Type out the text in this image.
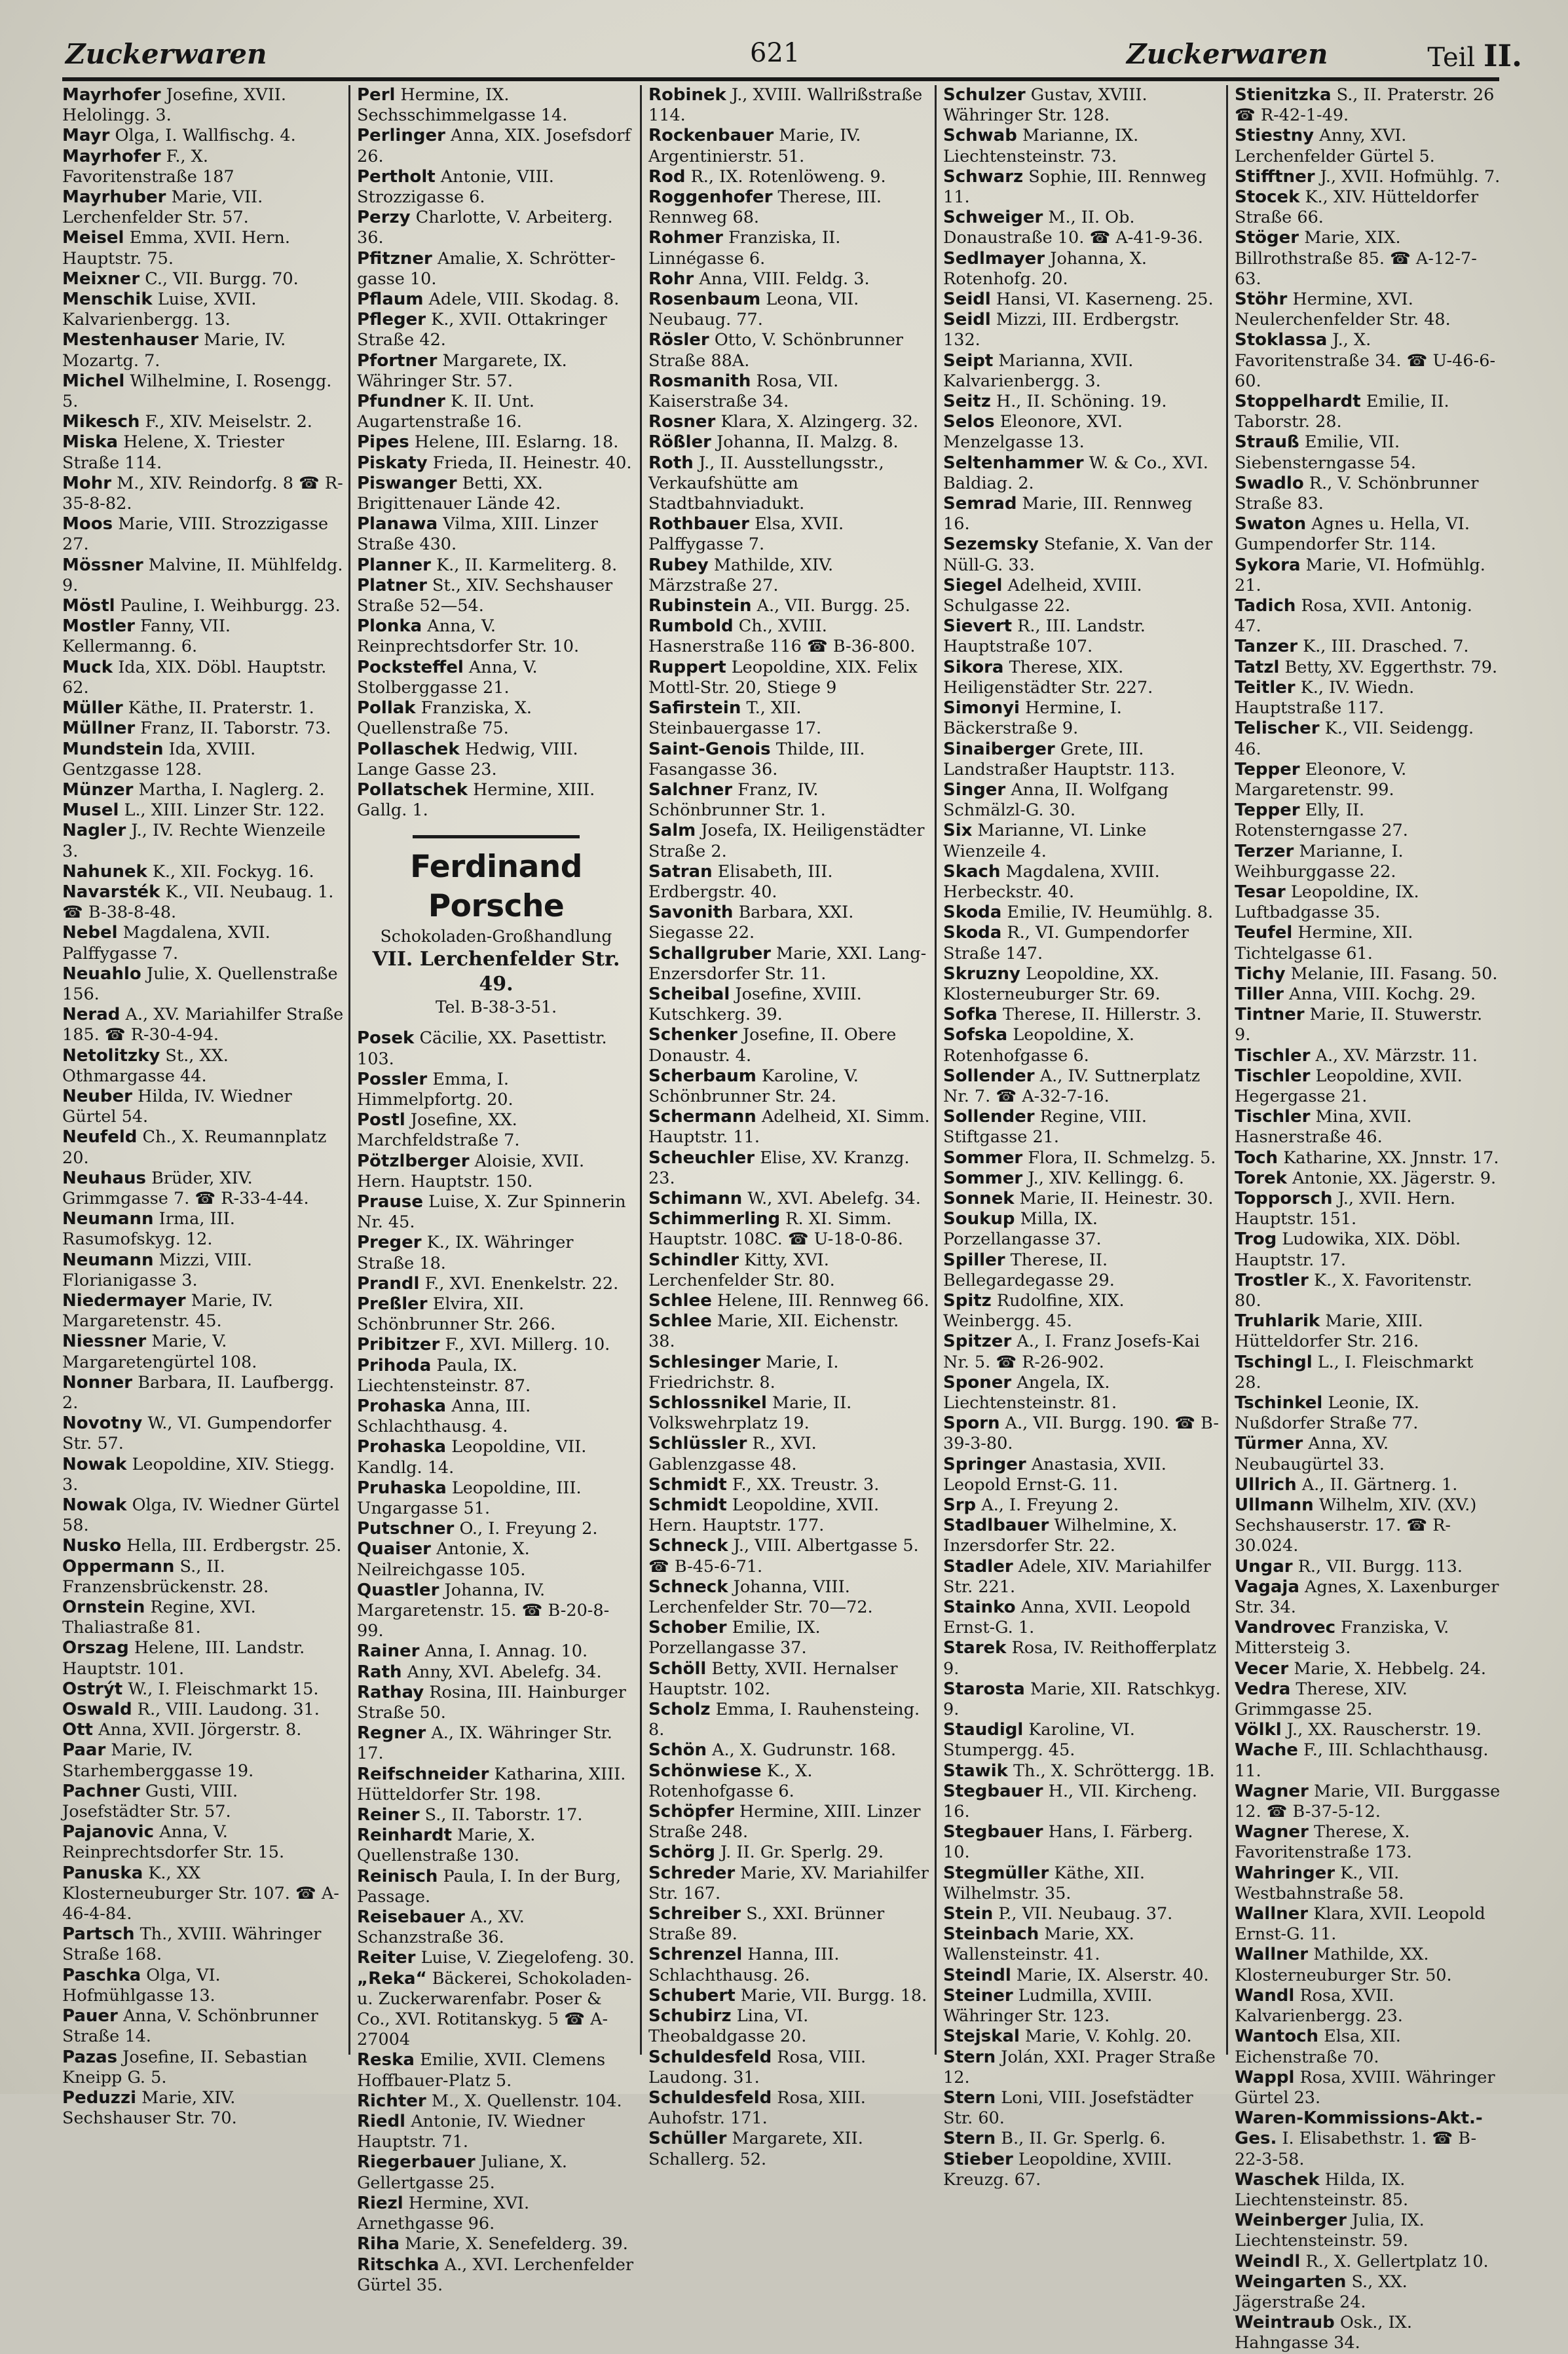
Zuckerwaren	621	Zuckerwaren	Teil II.
Mayrhofer Josefine, XVII. Helolingg. 3.
Mayr Olga, I. Wallfischg. 4.
Mayrhofer F., X. Favoritenstraße 187
Mayrhuber Marie, VII. Lerchenfelder Str. 57.
Meisel Emma, XVII. Hern. Hauptstr. 75.
Meixner C., VII. Burgg. 70.
Menschik Luise, XVII. Kalvarienbergg. 13.
Mestenhauser Marie, IV. Mozartg. 7.
Michel Wilhelmine, I. Rosengg. 5.
Mikesch F., XIV. Meiselstr. 2.
Miska Helene, X. Triester Straße 114.
Mohr M., XIV. Reindorfg. 8 ☎ R-35-8-82.
Moos Marie, VIII. Strozzigasse 27.
Mössner Malvine, II. Mühlfeldg. 9.
Möstl Pauline, I. Weihburgg. 23.
Mostler Fanny, VII. Kellermanng. 6.
Muck Ida, XIX. Döbl. Hauptstr. 62.
Müller Käthe, II. Praterstr. 1.
Müllner Franz, II. Taborstr. 73.
Mundstein Ida, XVIII. Gentzgasse 128.
Münzer Martha, I. Naglerg. 2.
Musel L., XIII. Linzer Str. 122.
Nagler J., IV. Rechte Wienzeile 3.
Nahunek K., XII. Fockyg. 16.
Navarsték K., VII. Neubaug. 1. ☎ B-38-8-48.
Nebel Magdalena, XVII. Palffygasse 7.
Neuahlo Julie, X. Quellenstraße 156.
Nerad A., XV. Mariahilfer Straße 185. ☎ R-30-4-94.
Netolitzky St., XX. Othmargasse 44.
Neuber Hilda, IV. Wiedner Gürtel 54.
Neufeld Ch., X. Reumannplatz 20.
Neuhaus Brüder, XIV. Grimmgasse 7. ☎ R-33-4-44.
Neumann Irma, III. Rasumofskyg. 12.
Neumann Mizzi, VIII. Florianigasse 3.
Niedermayer Marie, IV. Margaretenstr. 45.
Niessner Marie, V. Margaretengürtel 108.
Nonner Barbara, II. Laufbergg. 2.
Novotny W., VI. Gumpendorfer Str. 57.
Nowak Leopoldine, XIV. Stiegg. 3.
Nowak Olga, IV. Wiedner Gürtel 58.
Nusko Hella, III. Erdbergstr. 25.
Oppermann S., II. Franzensbrückenstr. 28.
Ornstein Regine, XVI. Thaliastraße 81.
Orszag Helene, III. Landstr. Hauptstr. 101.
Ostrýt W., I. Fleischmarkt 15.
Oswald R., VIII. Laudong. 31.
Ott Anna, XVII. Jörgerstr. 8.
Paar Marie, IV. Starhemberggasse 19.
Pachner Gusti, VIII. Josefstädter Str. 57.
Pajanovic Anna, V. Reinprechtsdorfer Str. 15.
Panuska K., XX Klosterneuburger Str. 107. ☎ A-46-4-84.
Partsch Th., XVIII. Währinger Straße 168.
Paschka Olga, VI. Hofmühlgasse 13.
Pauer Anna, V. Schönbrunner Straße 14.
Pazas Josefine, II. Sebastian Kneipp G. 5.
Peduzzi Marie, XIV. Sechshauser Str. 70.
Perl Hermine, IX. Sechsschimmelgasse 14.
Perlinger Anna, XIX. Josefsdorf 26.
Pertholt Antonie, VIII. Strozzigasse 6.
Perzy Charlotte, V. Arbeiterg. 36.
Pfitzner Amalie, X. Schrötter-gasse 10.
Pflaum Adele, VIII. Skodag. 8.
Pfleger K., XVII. Ottakringer Straße 42.
Pfortner Margarete, IX. Währinger Str. 57.
Pfundner K. II. Unt. Augartenstraße 16.
Pipes Helene, III. Eslarng. 18.
Piskaty Frieda, II. Heinestr. 40.
Piswanger Betti, XX. Brigittenauer Lände 42.
Planawa Vilma, XIII. Linzer Straße 430.
Planner K., II. Karmeliterg. 8.
Platner St., XIV. Sechshauser Straße 52—54.
Plonka Anna, V. Reinprechtsdorfer Str. 10.
Pocksteffel Anna, V. Stolberggasse 21.
Pollak Franziska, X. Quellenstraße 75.
Pollaschek Hedwig, VIII. Lange Gasse 23.
Pollatschek Hermine, XIII. Gallg. 1.
Ferdinand Porsche
Schokoladen-Großhandlung
VII. Lerchenfelder Str. 49.
Tel. B-38-3-51.
Posek Cäcilie, XX. Pasettistr. 103.
Possler Emma, I. Himmelpfortg. 20.
Postl Josefine, XX. Marchfeldstraße 7.
Pötzlberger Aloisie, XVII. Hern. Hauptstr. 150.
Prause Luise, X. Zur Spinnerin Nr. 45.
Preger K., IX. Währinger Straße 18.
Prandl F., XVI. Enenkelstr. 22.
Preßler Elvira, XII. Schönbrunner Str. 266.
Pribitzer F., XVI. Millerg. 10.
Prihoda Paula, IX. Liechtensteinstr. 87.
Prohaska Anna, III. Schlachthausg. 4.
Prohaska Leopoldine, VII. Kandlg. 14.
Pruhaska Leopoldine, III. Ungargasse 51.
Putschner O., I. Freyung 2.
Quaiser Antonie, X. Neilreichgasse 105.
Quastler Johanna, IV. Margaretenstr. 15. ☎ B-20-8-99.
Rainer Anna, I. Annag. 10.
Rath Anny, XVI. Abelefg. 34.
Rathay Rosina, III. Hainburger Straße 50.
Regner A., IX. Währinger Str. 17.
Reifschneider Katharina, XIII. Hütteldorfer Str. 198.
Reiner S., II. Taborstr. 17.
Reinhardt Marie, X. Quellenstraße 130.
Reinisch Paula, I. In der Burg, Passage.
Reisebauer A., XV. Schanzstraße 36.
Reiter Luise, V. Ziegelofeng. 30.
„Reka“ Bäckerei, Schokoladen- u. Zuckerwarenfabr. Poser & Co., XVI. Rotitanskyg. 5 ☎ A-27004
Reska Emilie, XVII. Clemens Hoffbauer-Platz 5.
Richter M., X. Quellenstr. 104.
Riedl Antonie, IV. Wiedner Hauptstr. 71.
Riegerbauer Juliane, X. Gellertgasse 25.
Riezl Hermine, XVI. Arnethgasse 96.
Riha Marie, X. Senefelderg. 39.
Ritschka A., XVI. Lerchenfelder Gürtel 35.
Robinek J., XVIII. Wallrißstraße 114.
Rockenbauer Marie, IV. Argentinierstr. 51.
Rod R., IX. Rotenlöweng. 9.
Roggenhofer Therese, III. Rennweg 68.
Rohmer Franziska, II. Linnégasse 6.
Rohr Anna, VIII. Feldg. 3.
Rosenbaum Leona, VII. Neubaug. 77.
Rösler Otto, V. Schönbrunner Straße 88A.
Rosmanith Rosa, VII. Kaiserstraße 34.
Rosner Klara, X. Alzingerg. 32.
Rößler Johanna, II. Malzg. 8.
Roth J., II. Ausstellungsstr., Verkaufshütte am Stadtbahnviadukt.
Rothbauer Elsa, XVII. Palffygasse 7.
Rubey Mathilde, XIV. Märzstraße 27.
Rubinstein A., VII. Burgg. 25.
Rumbold Ch., XVIII. Hasnerstraße 116 ☎ B-36-800.
Ruppert Leopoldine, XIX. Felix Mottl-Str. 20, Stiege 9
Safirstein T., XII. Steinbauergasse 17.
Saint-Genois Thilde, III. Fasangasse 36.
Salchner Franz, IV. Schönbrunner Str. 1.
Salm Josefa, IX. Heiligenstädter Straße 2.
Satran Elisabeth, III. Erdbergstr. 40.
Savonith Barbara, XXI. Siegasse 22.
Schallgruber Marie, XXI. Lang-Enzersdorfer Str. 11.
Scheibal Josefine, XVIII. Kutschkerg. 39.
Schenker Josefine, II. Obere Donaustr. 4.
Scherbaum Karoline, V. Schönbrunner Str. 24.
Schermann Adelheid, XI. Simm. Hauptstr. 11.
Scheuchler Elise, XV. Kranzg. 23.
Schimann W., XVI. Abelefg. 34.
Schimmerling R. XI. Simm. Hauptstr. 108C. ☎ U-18-0-86.
Schindler Kitty, XVI. Lerchenfelder Str. 80.
Schlee Helene, III. Rennweg 66.
Schlee Marie, XII. Eichenstr. 38.
Schlesinger Marie, I. Friedrichstr. 8.
Schlossnikel Marie, II. Volkswehrplatz 19.
Schlüssler R., XVI. Gablenzgasse 48.
Schmidt F., XX. Treustr. 3.
Schmidt Leopoldine, XVII. Hern. Hauptstr. 177.
Schneck J., VIII. Albertgasse 5. ☎ B-45-6-71.
Schneck Johanna, VIII. Lerchenfelder Str. 70—72.
Schober Emilie, IX. Porzellangasse 37.
Schöll Betty, XVII. Hernalser Hauptstr. 102.
Scholz Emma, I. Rauhensteing. 8.
Schön A., X. Gudrunstr. 168.
Schönwiese K., X. Rotenhofgasse 6.
Schöpfer Hermine, XIII. Linzer Straße 248.
Schörg J. II. Gr. Sperlg. 29.
Schreder Marie, XV. Mariahilfer Str. 167.
Schreiber S., XXI. Brünner Straße 89.
Schrenzel Hanna, III. Schlachthausg. 26.
Schubert Marie, VII. Burgg. 18.
Schubirz Lina, VI. Theobaldgasse 20.
Schuldesfeld Rosa, VIII. Laudong. 31.
Schuldesfeld Rosa, XIII. Auhofstr. 171.
Schüller Margarete, XII. Schallerg. 52.
Schulzer Gustav, XVIII. Währinger Str. 128.
Schwab Marianne, IX. Liechtensteinstr. 73.
Schwarz Sophie, III. Rennweg 11.
Schweiger M., II. Ob. Donaustraße 10. ☎ A-41-9-36.
Sedlmayer Johanna, X. Rotenhofg. 20.
Seidl Hansi, VI. Kaserneng. 25.
Seidl Mizzi, III. Erdbergstr. 132.
Seipt Marianna, XVII. Kalvarienbergg. 3.
Seitz H., II. Schöning. 19.
Selos Eleonore, XVI. Menzelgasse 13.
Seltenhammer W. & Co., XVI. Baldiag. 2.
Semrad Marie, III. Rennweg 16.
Sezemsky Stefanie, X. Van der Nüll-G. 33.
Siegel Adelheid, XVIII. Schulgasse 22.
Sievert R., III. Landstr. Hauptstraße 107.
Sikora Therese, XIX. Heiligenstädter Str. 227.
Simonyi Hermine, I. Bäckerstraße 9.
Sinaiberger Grete, III. Landstraßer Hauptstr. 113.
Singer Anna, II. Wolfgang Schmälzl-G. 30.
Six Marianne, VI. Linke Wienzeile 4.
Skach Magdalena, XVIII. Herbeckstr. 40.
Skoda Emilie, IV. Heumühlg. 8.
Skoda R., VI. Gumpendorfer Straße 147.
Skruzny Leopoldine, XX. Klosterneuburger Str. 69.
Sofka Therese, II. Hillerstr. 3.
Sofska Leopoldine, X. Rotenhofgasse 6.
Sollender A., IV. Suttnerplatz Nr. 7. ☎ A-32-7-16.
Sollender Regine, VIII. Stiftgasse 21.
Sommer Flora, II. Schmelzg. 5.
Sommer J., XIV. Kellingg. 6.
Sonnek Marie, II. Heinestr. 30.
Soukup Milla, IX. Porzellangasse 37.
Spiller Therese, II. Bellegardegasse 29.
Spitz Rudolfine, XIX. Weinbergg. 45.
Spitzer A., I. Franz Josefs-Kai Nr. 5. ☎ R-26-902.
Sponer Angela, IX. Liechtensteinstr. 81.
Sporn A., VII. Burgg. 190. ☎ B-39-3-80.
Springer Anastasia, XVII. Leopold Ernst-G. 11.
Srp A., I. Freyung 2.
Stadlbauer Wilhelmine, X. Inzersdorfer Str. 22.
Stadler Adele, XIV. Mariahilfer Str. 221.
Stainko Anna, XVII. Leopold Ernst-G. 1.
Starek Rosa, IV. Reithofferplatz 9.
Starosta Marie, XII. Ratschkyg. 9.
Staudigl Karoline, VI. Stumpergg. 45.
Stawik Th., X. Schröttergg. 1B.
Stegbauer H., VII. Kircheng. 16.
Stegbauer Hans, I. Färberg. 10.
Stegmüller Käthe, XII. Wilhelmstr. 35.
Stein P., VII. Neubaug. 37.
Steinbach Marie, XX. Wallensteinstr. 41.
Steindl Marie, IX. Alserstr. 40.
Steiner Ludmilla, XVIII. Währinger Str. 123.
Stejskal Marie, V. Kohlg. 20.
Stern Jolán, XXI. Prager Straße 12.
Stern Loni, VIII. Josefstädter Str. 60.
Stern B., II. Gr. Sperlg. 6.
Stieber Leopoldine, XVIII. Kreuzg. 67.
Stienitzka S., II. Praterstr. 26 ☎ R-42-1-49.
Stiestny Anny, XVI. Lerchenfelder Gürtel 5.
Stifftner J., XVII. Hofmühlg. 7.
Stocek K., XIV. Hütteldorfer Straße 66.
Stöger Marie, XIX. Billrothstraße 85. ☎ A-12-7-63.
Stöhr Hermine, XVI. Neulerchenfelder Str. 48.
Stoklassa J., X. Favoritenstraße 34. ☎ U-46-6-60.
Stoppelhardt Emilie, II. Taborstr. 28.
Strauß Emilie, VII. Siebensterngasse 54.
Swadlo R., V. Schönbrunner Straße 83.
Swaton Agnes u. Hella, VI. Gumpendorfer Str. 114.
Sykora Marie, VI. Hofmühlg. 21.
Tadich Rosa, XVII. Antonig. 47.
Tanzer K., III. Drasched. 7.
Tatzl Betty, XV. Eggerthstr. 79.
Teitler K., IV. Wiedn. Hauptstraße 117.
Telischer K., VII. Seidengg. 46.
Tepper Eleonore, V. Margaretenstr. 99.
Tepper Elly, II. Rotensterngasse 27.
Terzer Marianne, I. Weihburggasse 22.
Tesar Leopoldine, IX. Luftbadgasse 35.
Teufel Hermine, XII. Tichtelgasse 61.
Tichy Melanie, III. Fasang. 50.
Tiller Anna, VIII. Kochg. 29.
Tintner Marie, II. Stuwerstr. 9.
Tischler A., XV. Märzstr. 11.
Tischler Leopoldine, XVII. Hegergasse 21.
Tischler Mina, XVII. Hasnerstraße 46.
Toch Katharine, XX. Jnnstr. 17.
Torek Antonie, XX. Jägerstr. 9.
Topporsch J., XVII. Hern. Hauptstr. 151.
Trog Ludowika, XIX. Döbl. Hauptstr. 17.
Trostler K., X. Favoritenstr. 80.
Truhlarik Marie, XIII. Hütteldorfer Str. 216.
Tschingl L., I. Fleischmarkt 28.
Tschinkel Leonie, IX. Nußdorfer Straße 77.
Türmer Anna, XV. Neubaugürtel 33.
Ullrich A., II. Gärtnerg. 1.
Ullmann Wilhelm, XIV. (XV.) Sechshauserstr. 17. ☎ R-30.024.
Ungar R., VII. Burgg. 113.
Vagaja Agnes, X. Laxenburger Str. 34.
Vandrovec Franziska, V. Mittersteig 3.
Vecer Marie, X. Hebbelg. 24.
Vedra Therese, XIV. Grimmgasse 25.
Völkl J., XX. Rauscherstr. 19.
Wache F., III. Schlachthausg. 11.
Wagner Marie, VII. Burggasse 12. ☎ B-37-5-12.
Wagner Therese, X. Favoritenstraße 173.
Wahringer K., VII. Westbahnstraße 58.
Wallner Klara, XVII. Leopold Ernst-G. 11.
Wallner Mathilde, XX. Klosterneuburger Str. 50.
Wandl Rosa, XVII. Kalvarienbergg. 23.
Wantoch Elsa, XII. Eichenstraße 70.
Wappl Rosa, XVIII. Währinger Gürtel 23.
Waren-Kommissions-Akt.-Ges. I. Elisabethstr. 1. ☎ B-22-3-58.
Waschek Hilda, IX. Liechtensteinstr. 85.
Weinberger Julia, IX. Liechtensteinstr. 59.
Weindl R., X. Gellertplatz 10.
Weingarten S., XX. Jägerstraße 24.
Weintraub Osk., IX. Hahngasse 34.
